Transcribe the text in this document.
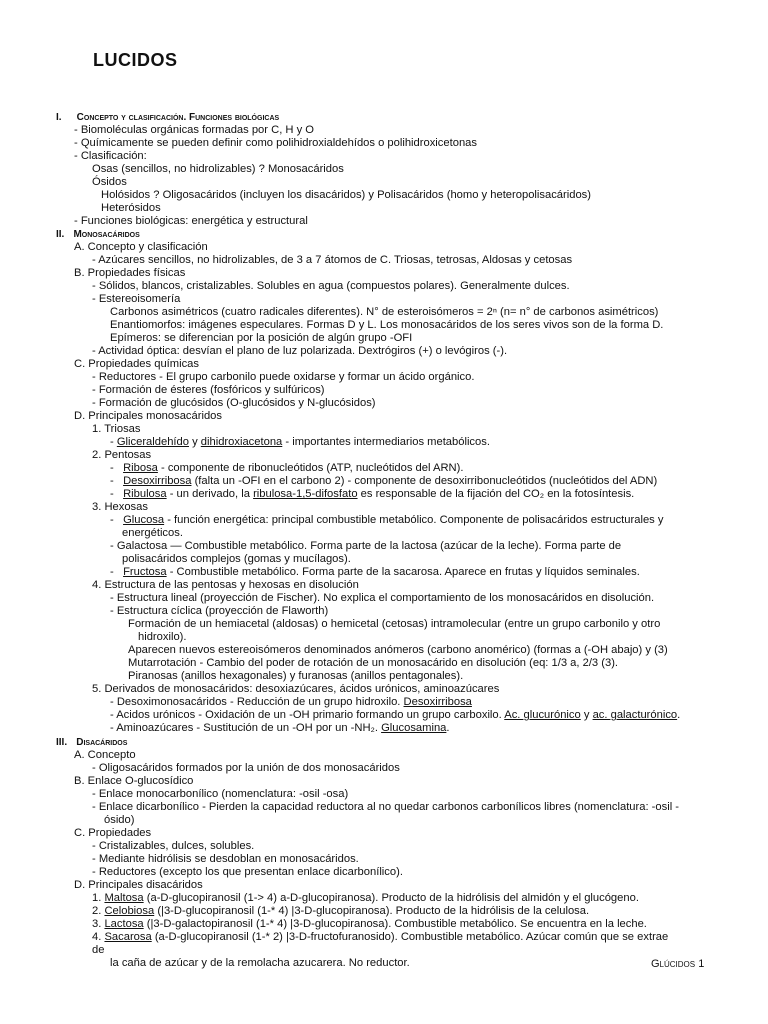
LUCIDOS
I. Concepto y clasificación. Funciones biológicas
- Biomoléculas orgánicas formadas por C, H y O
- Químicamente se pueden definir como polihidroxialdehídos o polihidroxicetonas
- Clasificación:
Osas (sencillos, no hidrolizables) ? Monosacáridos
Ósidos
Holósidos ? Oligosacáridos (incluyen los disacáridos) y Polisacáridos (homo y heteropolisacáridos)
Heterósidos
- Funciones biológicas: energética y estructural
II. Monosacáridos
A. Concepto y clasificación
- Azúcares sencillos, no hidrolizables, de 3 a 7 átomos de C. Triosas, tetrosas, Aldosas y cetosas
B. Propiedades físicas
- Sólidos, blancos, cristalizables. Solubles en agua (compuestos polares). Generalmente dulces.
- Estereoisomería
Carbonos asimétricos (cuatro radicales diferentes). N° de esteroisómeros = 2ⁿ (n= n° de carbonos asimétricos)
Enantiomorfos: imágenes especulares. Formas D y L. Los monosacáridos de los seres vivos son de la forma D.
Epímeros: se diferencian por la posición de algún grupo -OFI
- Actividad óptica: desvían el plano de luz polarizada. Dextrógiros (+) o levógiros (-).
C. Propiedades químicas
- Reductores - El grupo carbonilo puede oxidarse y formar un ácido orgánico.
- Formación de ésteres (fosfóricos y sulfúricos)
- Formación de glucósidos (O-glucósidos y N-glucósidos)
D. Principales monosacáridos
1. Triosas
- Gliceraldehído y dihidroxiacetona - importantes intermediarios metabólicos.
2. Pentosas
-   Ribosa - componente de ribonucleótidos (ATP, nucleótidos del ARN).
-   Desoxirribosa (falta un -OFI en el carbono 2) - componente de desoxirribonucleótidos (nucleótidos del ADN)
-   Ribulosa - un derivado, la ribulosa-1,5-difosfato es responsable de la fijación del CO₂ en la fotosíntesis.
3. Hexosas
-   Glucosa - función energética: principal combustible metabólico. Componente de polisacáridos estructurales y
energéticos.
- Galactosa — Combustible metabólico. Forma parte de la lactosa (azúcar de la leche). Forma parte de
polisacáridos complejos (gomas y mucílagos).
-   Fructosa - Combustible metabólico. Forma parte de la sacarosa. Aparece en frutas y líquidos seminales.
4. Estructura de las pentosas y hexosas en disolución
- Estructura lineal (proyección de Fischer). No explica el comportamiento de los monosacáridos en disolución.
- Estructura cíclica (proyección de Flaworth)
Formación de un hemiacetal (aldosas) o hemicetal (cetosas) intramolecular (entre un grupo carbonilo y otro
hidroxilo).
Aparecen nuevos estereoisómeros denominados anómeros (carbono anomérico) (formas a (-OH abajo) y (3)
Mutarrotación - Cambio del poder de rotación de un monosacárido en disolución (eq: 1/3 a, 2/3 (3).
Piranosas (anillos hexagonales) y furanosas (anillos pentagonales).
5. Derivados de monosacáridos: desoxiazúcares, ácidos urónicos, aminoazúcares
- Desoximonosacáridos - Reducción de un grupo hidroxilo. Desoxirribosa
- Acidos urónicos - Oxidación de un -OH primario formando un grupo carboxilo. Ac. glucurónico y ac. galacturónico.
- Aminoazúcares - Sustitución de un -OH por un -NH₂. Glucosamina.
III. Disacáridos
A. Concepto
- Oligosacáridos formados por la unión de dos monosacáridos
B. Enlace O-glucosídico
- Enlace monocarbonílico (nomenclatura: -osil -osa)
- Enlace dicarbonílico - Pierden la capacidad reductora al no quedar carbonos carbonílicos libres (nomenclatura: -osil -
ósido)
C. Propiedades
- Cristalizables, dulces, solubles.
- Mediante hidrólisis se desdoblan en monosacáridos.
- Reductores (excepto los que presentan enlace dicarbonílico).
D. Principales disacáridos
1. Maltosa (a-D-glucopiranosil (1-> 4) a-D-glucopiranosa). Producto de la hidrólisis del almidón y el glucógeno.
2. Celobiosa (|3-D-glucopiranosil (1-* 4) |3-D-glucopiranosa). Producto de la hidrólisis de la celulosa.
3. Lactosa (|3-D-galactopiranosil (1-* 4) |3-D-glucopiranosa). Combustible metabólico. Se encuentra en la leche.
4. Sacarosa (a-D-glucopiranosil (1-* 2) |3-D-fructofuranosido). Combustible metabólico. Azúcar común que se extrae
de
la caña de azúcar y de la remolacha azucarera. No reductor.	Glúcidos 1
